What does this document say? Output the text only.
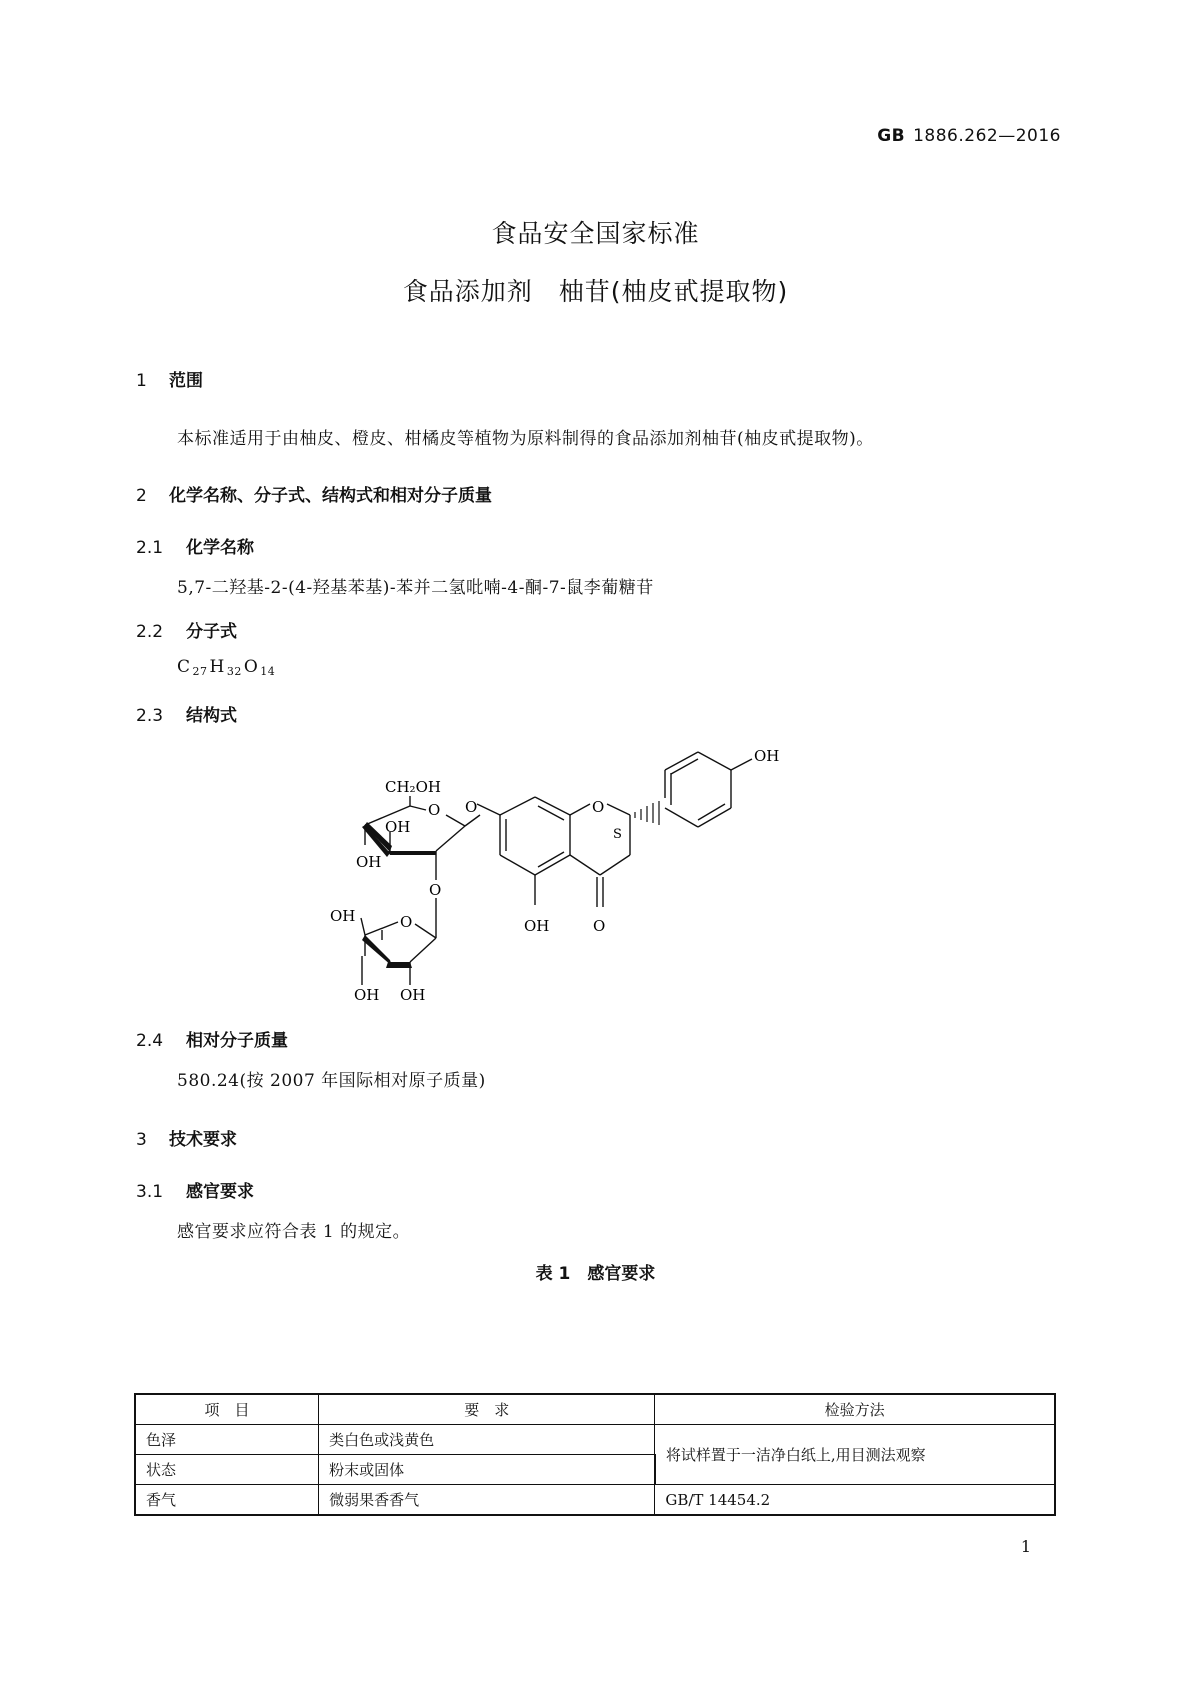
GB 1886.262—2016
食品安全国家标准
食品添加剂　柚苷(柚皮甙提取物)
1 范围
本标准适用于由柚皮、橙皮、柑橘皮等植物为原料制得的食品添加剂柚苷(柚皮甙提取物)。
2 化学名称、分子式、结构式和相对分子质量
2.1 化学名称
5,7-二羟基-2-(4-羟基苯基)-苯并二氢吡喃-4-酮-7-鼠李葡糖苷
2.2 分子式
C $_{27}$ H $_{32}$ O $_{14}$
2.3 结构式
CH₂OH
O
OH
OH
O
O
O
S
OH
OH	O
OH	O
OH OH
2.4 相对分子质量
580.24(按 2007 年国际相对原子质量)
3 技术要求
3.1 感官要求
感官要求应符合表 1 的规定。
表 1　感官要求
项　目	要　求	检验方法
色泽	类白色或浅黄色	将试样置于一洁净白纸上,用目测法观察
状态	粉末或固体	
香气	微弱果香香气	GB/T 14454.2
1
